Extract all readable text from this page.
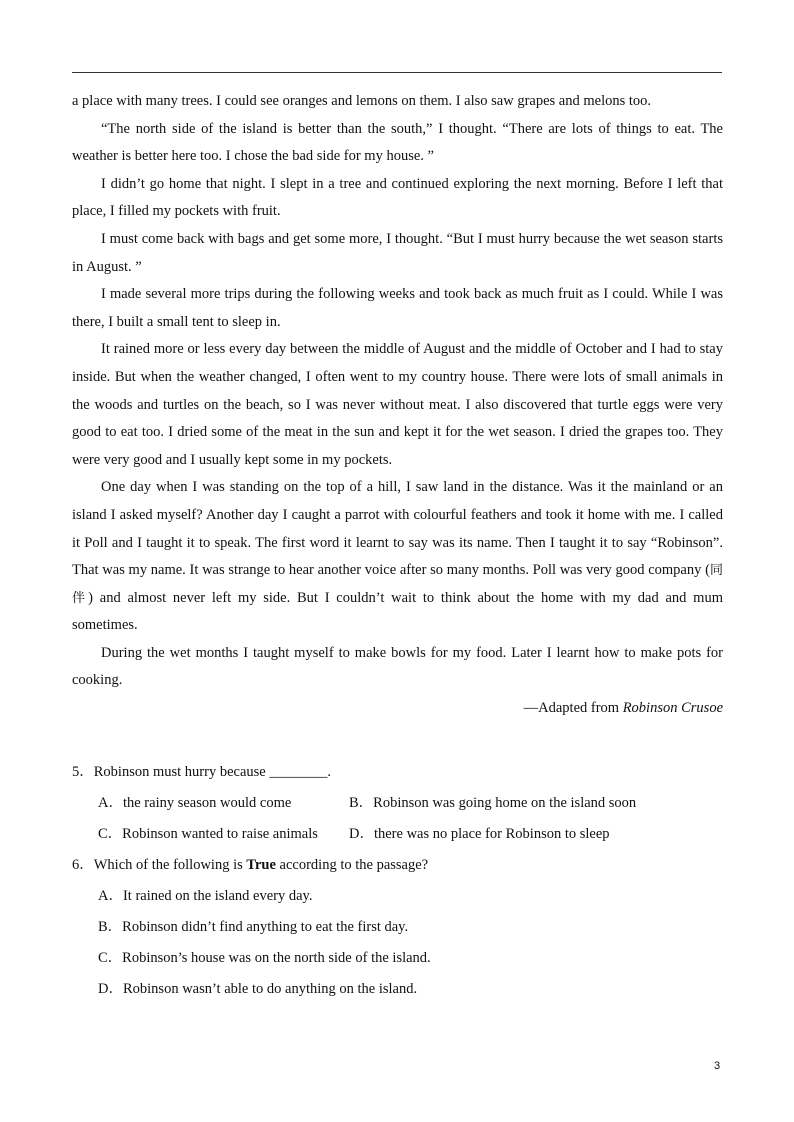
a place with many trees. I could see oranges and lemons on them. I also saw grapes and melons too.

“The north side of the island is better than the south,” I thought. “There are lots of things to eat. The weather is better here too. I chose the bad side for my house. ”

I didn’t go home that night. I slept in a tree and continued exploring the next morning. Before I left that place, I filled my pockets with fruit.

I must come back with bags and get some more, I thought. “But I must hurry because the wet season starts in August. ”

I made several more trips during the following weeks and took back as much fruit as I could. While I was there, I built a small tent to sleep in.

It rained more or less every day between the middle of August and the middle of October and I had to stay inside. But when the weather changed, I often went to my country house. There were lots of small animals in the woods and turtles on the beach, so I was never without meat. I also discovered that turtle eggs were very good to eat too. I dried some of the meat in the sun and kept it for the wet season. I dried the grapes too. They were very good and I usually kept some in my pockets.

One day when I was standing on the top of a hill, I saw land in the distance. Was it the mainland or an island I asked myself? Another day I caught a parrot with colourful feathers and took it home with me. I called it Poll and I taught it to speak. The first word it learnt to say was its name. Then I taught it to say “Robinson”. That was my name. It was strange to hear another voice after so many months. Poll was very good company (同伴) and almost never left my side. But I couldn’t wait to think about the home with my dad and mum sometimes.

During the wet months I taught myself to make bowls for my food. Later I learnt how to make pots for cooking.

—Adapted from Robinson Crusoe

5．Robinson must hurry because ________.
A．the rainy season would come	B．Robinson was going home on the island soon
C．Robinson wanted to raise animals D．there was no place for Robinson to sleep
6．Which of the following is True according to the passage?
A．It rained on the island every day.
B．Robinson didn’t find anything to eat the first day.
C．Robinson’s house was on the north side of the island.
D．Robinson wasn’t able to do anything on the island.
3
